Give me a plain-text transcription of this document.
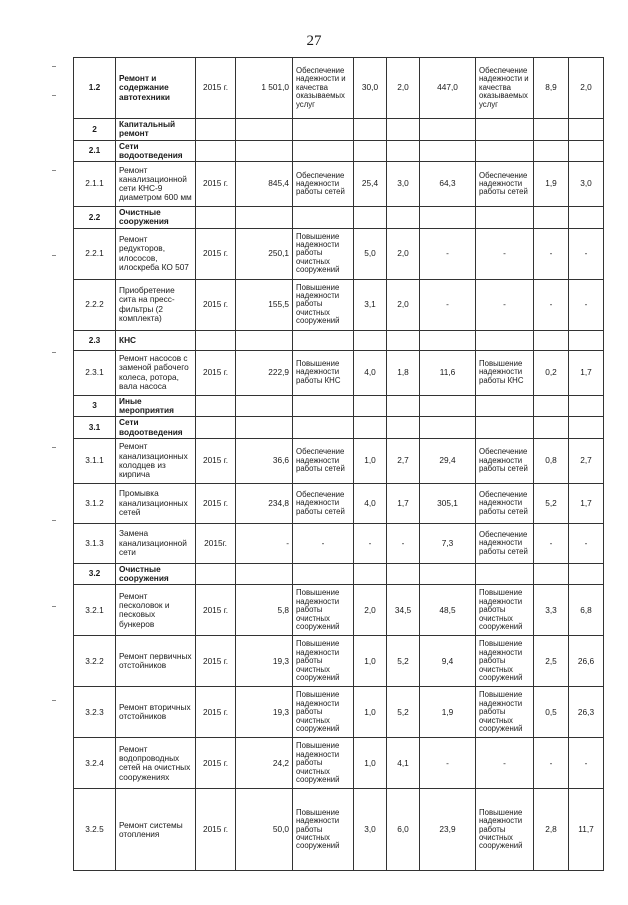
27
1.2	Ремонт и содержание автотехники	2015 г.	1 501,0	Обеспечение надежности и качества оказываемых услуг	30,0	2,0	447,0	Обеспечение надежности и качества оказываемых услуг	8,9	2,0
2	Капитальный ремонт									
2.1	Сети водоотведения									
2.1.1	Ремонт канализационной сети КНС-9 диаметром 600 мм	2015 г.	845,4	Обеспечение надежности работы сетей	25,4	3,0	64,3	Обеспечение надежности работы сетей	1,9	3,0
2.2	Очистные сооружения									
2.2.1	Ремонт редукторов, илососов, илоскреба КО 507	2015 г.	250,1	Повышение надежности работы очистных сооружений	5,0	2,0	-	-	-	-
2.2.2	Приобретение сита на пресс-фильтры (2 комплекта)	2015 г.	155,5	Повышение надежности работы очистных сооружений	3,1	2,0	-	-	-	-
2.3	КНС									
2.3.1	Ремонт насосов с заменой рабочего колеса, ротора, вала насоса	2015 г.	222,9	Повышение надежности работы КНС	4,0	1,8	11,6	Повышение надежности работы КНС	0,2	1,7
3	Иные мероприятия									
3.1	Сети водоотведения									
3.1.1	Ремонт канализационных колодцев из кирпича	2015 г.	36,6	Обеспечение надежности работы сетей	1,0	2,7	29,4	Обеспечение надежности работы сетей	0,8	2,7
3.1.2	Промывка канализационных сетей	2015 г.	234,8	Обеспечение надежности работы сетей	4,0	1,7	305,1	Обеспечение надежности работы сетей	5,2	1,7
3.1.3	Замена канализационной сети	2015г.	-	-	-	-	7,3	Обеспечение надежности работы сетей	-	-
3.2	Очистные сооружения									
3.2.1	Ремонт песколовок и песковых бункеров	2015 г.	5,8	Повышение надежности работы очистных сооружений	2,0	34,5	48,5	Повышение надежности работы очистных сооружений	3,3	6,8
3.2.2	Ремонт первичных отстойников	2015 г.	19,3	Повышение надежности работы очистных сооружений	1,0	5,2	9,4	Повышение надежности работы очистных сооружений	2,5	26,6
3.2.3	Ремонт вторичных отстойников	2015 г.	19,3	Повышение надежности работы очистных сооружений	1,0	5,2	1,9	Повышение надежности работы очистных сооружений	0,5	26,3
3.2.4	Ремонт водопроводных сетей на очистных сооружениях	2015 г.	24,2	Повышение надежности работы очистных сооружений	1,0	4,1	-	-	-	-
3.2.5	Ремонт системы отопления	2015 г.	50,0	Повышение надежности работы очистных сооружений	3,0	6,0	23,9	Повышение надежности работы очистных сооружений	2,8	11,7
